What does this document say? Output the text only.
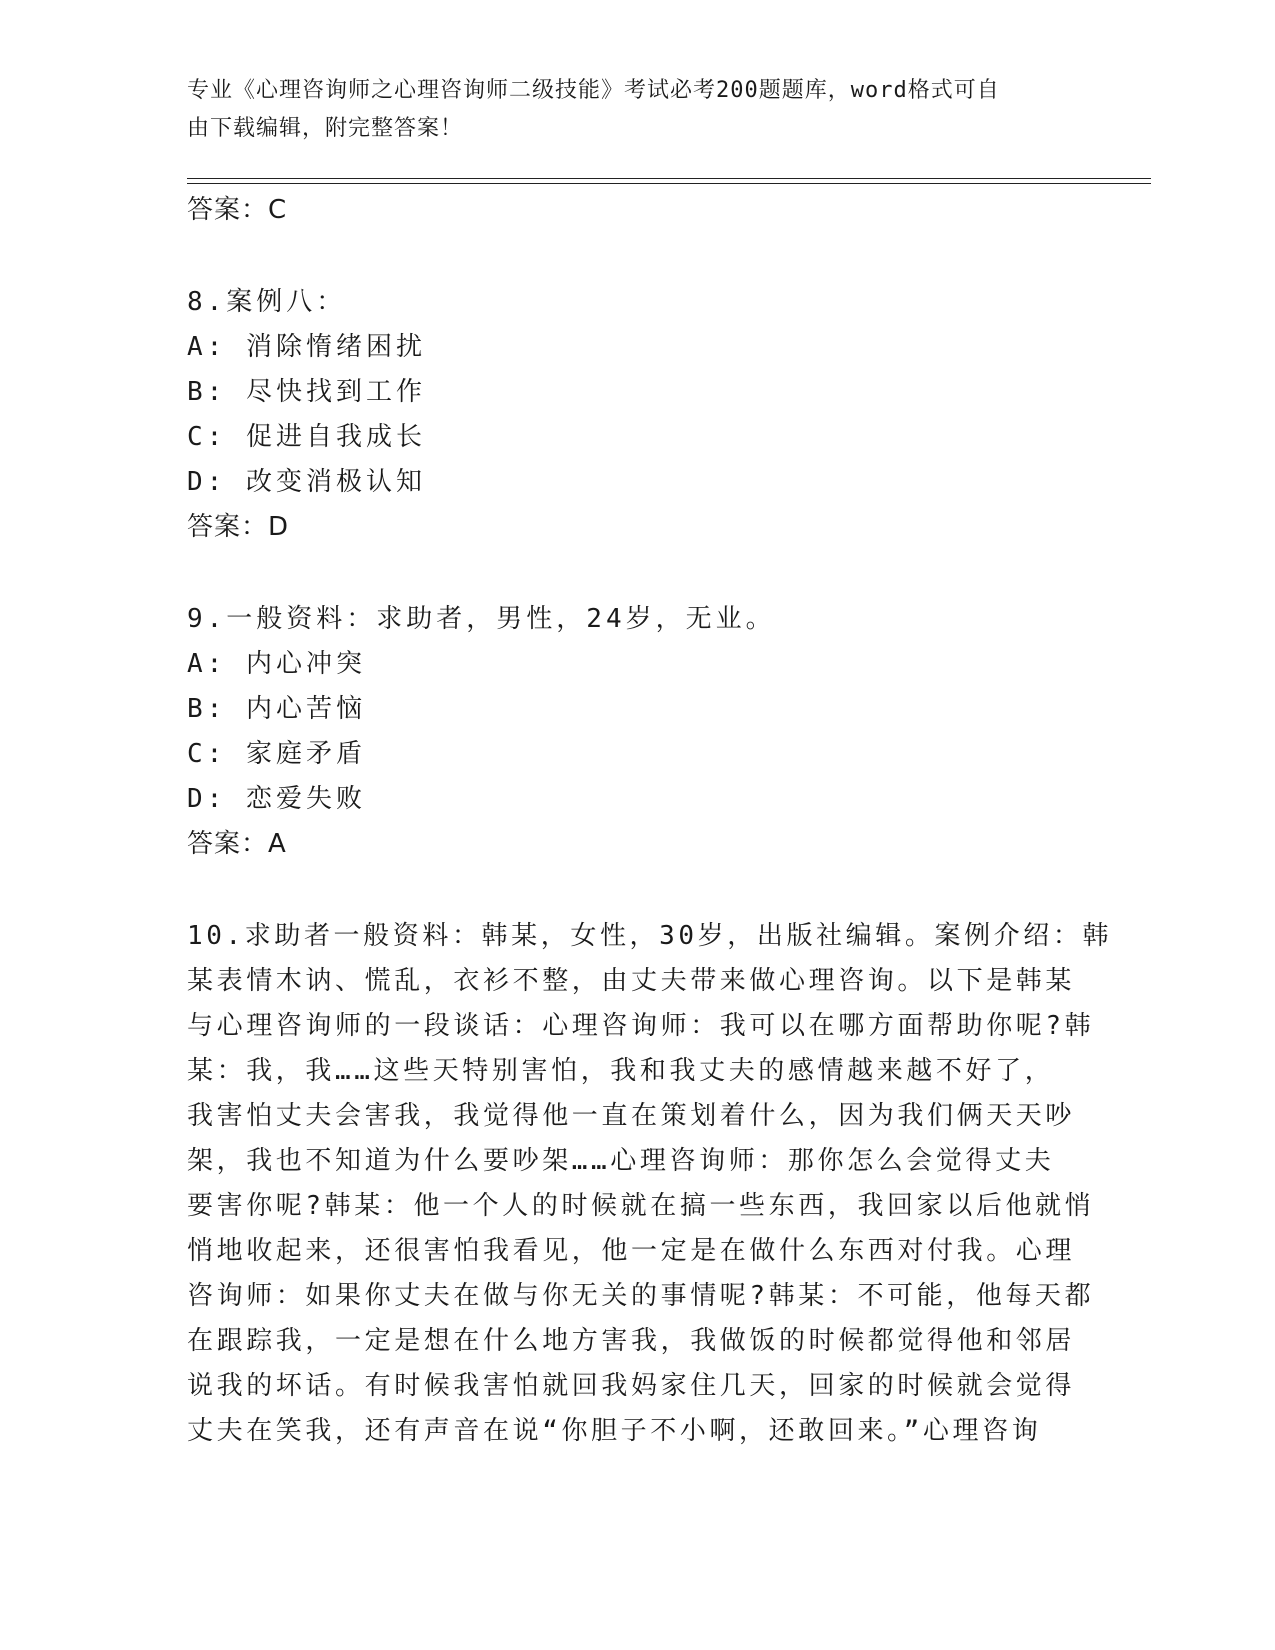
专业《心理咨询师之心理咨询师二级技能》考试必考200题题库，word格式可自
由下载编辑，附完整答案！
答案：C
8.案例八：
A: 消除惰绪困扰
B: 尽快找到工作
C: 促进自我成长
D: 改变消极认知
答案：D
9.一般资料：求助者，男性，24岁，无业。
A: 内心冲突
B: 内心苦恼
C: 家庭矛盾
D: 恋爱失败
答案：A
10.求助者一般资料：韩某，女性，30岁，出版社编辑。案例介绍：韩
某表情木讷、慌乱，衣衫不整，由丈夫带来做心理咨询。以下是韩某
与心理咨询师的一段谈话：心理咨询师：我可以在哪方面帮助你呢?韩
某：我，我……这些天特别害怕，我和我丈夫的感情越来越不好了，
我害怕丈夫会害我，我觉得他一直在策划着什么，因为我们俩天天吵
架，我也不知道为什么要吵架……心理咨询师：那你怎么会觉得丈夫
要害你呢?韩某：他一个人的时候就在搞一些东西，我回家以后他就悄
悄地收起来，还很害怕我看见，他一定是在做什么东西对付我。心理
咨询师：如果你丈夫在做与你无关的事情呢?韩某：不可能，他每天都
在跟踪我，一定是想在什么地方害我，我做饭的时候都觉得他和邻居
说我的坏话。有时候我害怕就回我妈家住几天，回家的时候就会觉得
丈夫在笑我，还有声音在说“你胆子不小啊，还敢回来。”心理咨询
